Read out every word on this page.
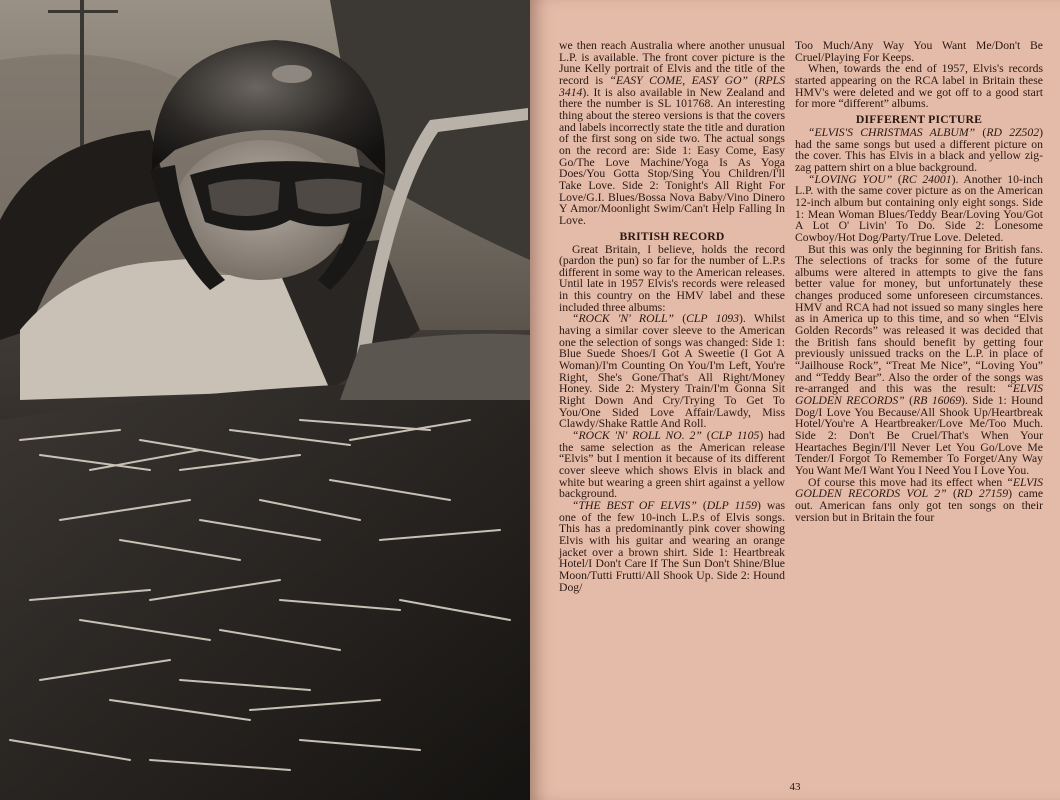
we then reach Australia where another unusual L.P. is available. The front cover picture is the June Kelly portrait of Elvis and the title of the record is “EASY COME, EASY GO” (RPLS 3414). It is also available in New Zealand and there the number is SL 101768. An interesting thing about the stereo versions is that the covers and labels incorrectly state the title and duration of the first song on side two. The actual songs on the record are: Side 1: Easy Come, Easy Go/The Love Machine/Yoga Is As Yoga Does/You Gotta Stop/Sing You Children/I'll Take Love. Side 2: Tonight's All Right For Love/G.I. Blues/Bossa Nova Baby/Vino Dinero Y Amor/Moonlight Swim/Can't Help Falling In Love.

BRITISH RECORD

Great Britain, I believe, holds the record (pardon the pun) so far for the number of L.P.s different in some way to the American releases. Until late in 1957 Elvis's records were released in this country on the HMV label and these included three albums:

“ROCK 'N' ROLL” (CLP 1093). Whilst having a similar cover sleeve to the American one the selection of songs was changed: Side 1: Blue Suede Shoes/I Got A Sweetie (I Got A Woman)/I'm Counting On You/I'm Left, You're Right, She's Gone/That's All Right/Money Honey. Side 2: Mystery Train/I'm Gonna Sit Right Down And Cry/Trying To Get To You/One Sided Love Affair/Lawdy, Miss Clawdy/Shake Rattle And Roll.

“ROCK 'N' ROLL NO. 2” (CLP 1105) had the same selection as the American release “Elvis” but I mention it because of its different cover sleeve which shows Elvis in black and white but wearing a green shirt against a yellow background.

“THE BEST OF ELVIS” (DLP 1159) was one of the few 10-inch L.P.s of Elvis songs. This has a predominantly pink cover showing Elvis with his guitar and wearing an orange jacket over a brown shirt. Side 1: Heartbreak Hotel/I Don't Care If The Sun Don't Shine/Blue Moon/Tutti Frutti/All Shook Up. Side 2: Hound Dog/

Too Much/Any Way You Want Me/Don't Be Cruel/Playing For Keeps.

When, towards the end of 1957, Elvis's records started appearing on the RCA label in Britain these HMV's were deleted and we got off to a good start for more “different” albums.

DIFFERENT PICTURE

“ELVIS'S CHRISTMAS ALBUM” (RD 2Z502) had the same songs but used a different picture on the cover. This has Elvis in a black and yellow zig-zag pattern shirt on a blue background.

“LOVING YOU” (RC 24001). Another 10-inch L.P. with the same cover picture as on the American 12-inch album but containing only eight songs. Side 1: Mean Woman Blues/Teddy Bear/Loving You/Got A Lot O' Livin' To Do. Side 2: Lonesome Cowboy/Hot Dog/Party/True Love. Deleted.

But this was only the beginning for British fans. The selections of tracks for some of the future albums were altered in attempts to give the fans better value for money, but unfortunately these changes produced some unforeseen circumstances. HMV and RCA had not issued so many singles here as in America up to this time, and so when “Elvis Golden Records” was released it was decided that the British fans should benefit by getting four previously unissued tracks on the L.P. in place of “Jailhouse Rock”, “Treat Me Nice”, “Loving You” and “Teddy Bear”. Also the order of the songs was re-arranged and this was the result: “ELVIS GOLDEN RECORDS” (RB 16069). Side 1: Hound Dog/I Love You Because/All Shook Up/Heartbreak Hotel/You're A Heartbreaker/Love Me/Too Much. Side 2: Don't Be Cruel/That's When Your Heartaches Begin/I'll Never Let You Go/Love Me Tender/I Forgot To Remember To Forget/Any Way You Want Me/I Want You I Need You I Love You.

Of course this move had its effect when “ELVIS GOLDEN RECORDS VOL 2” (RD 27159) came out. American fans only got ten songs on their version but in Britain the four

43
